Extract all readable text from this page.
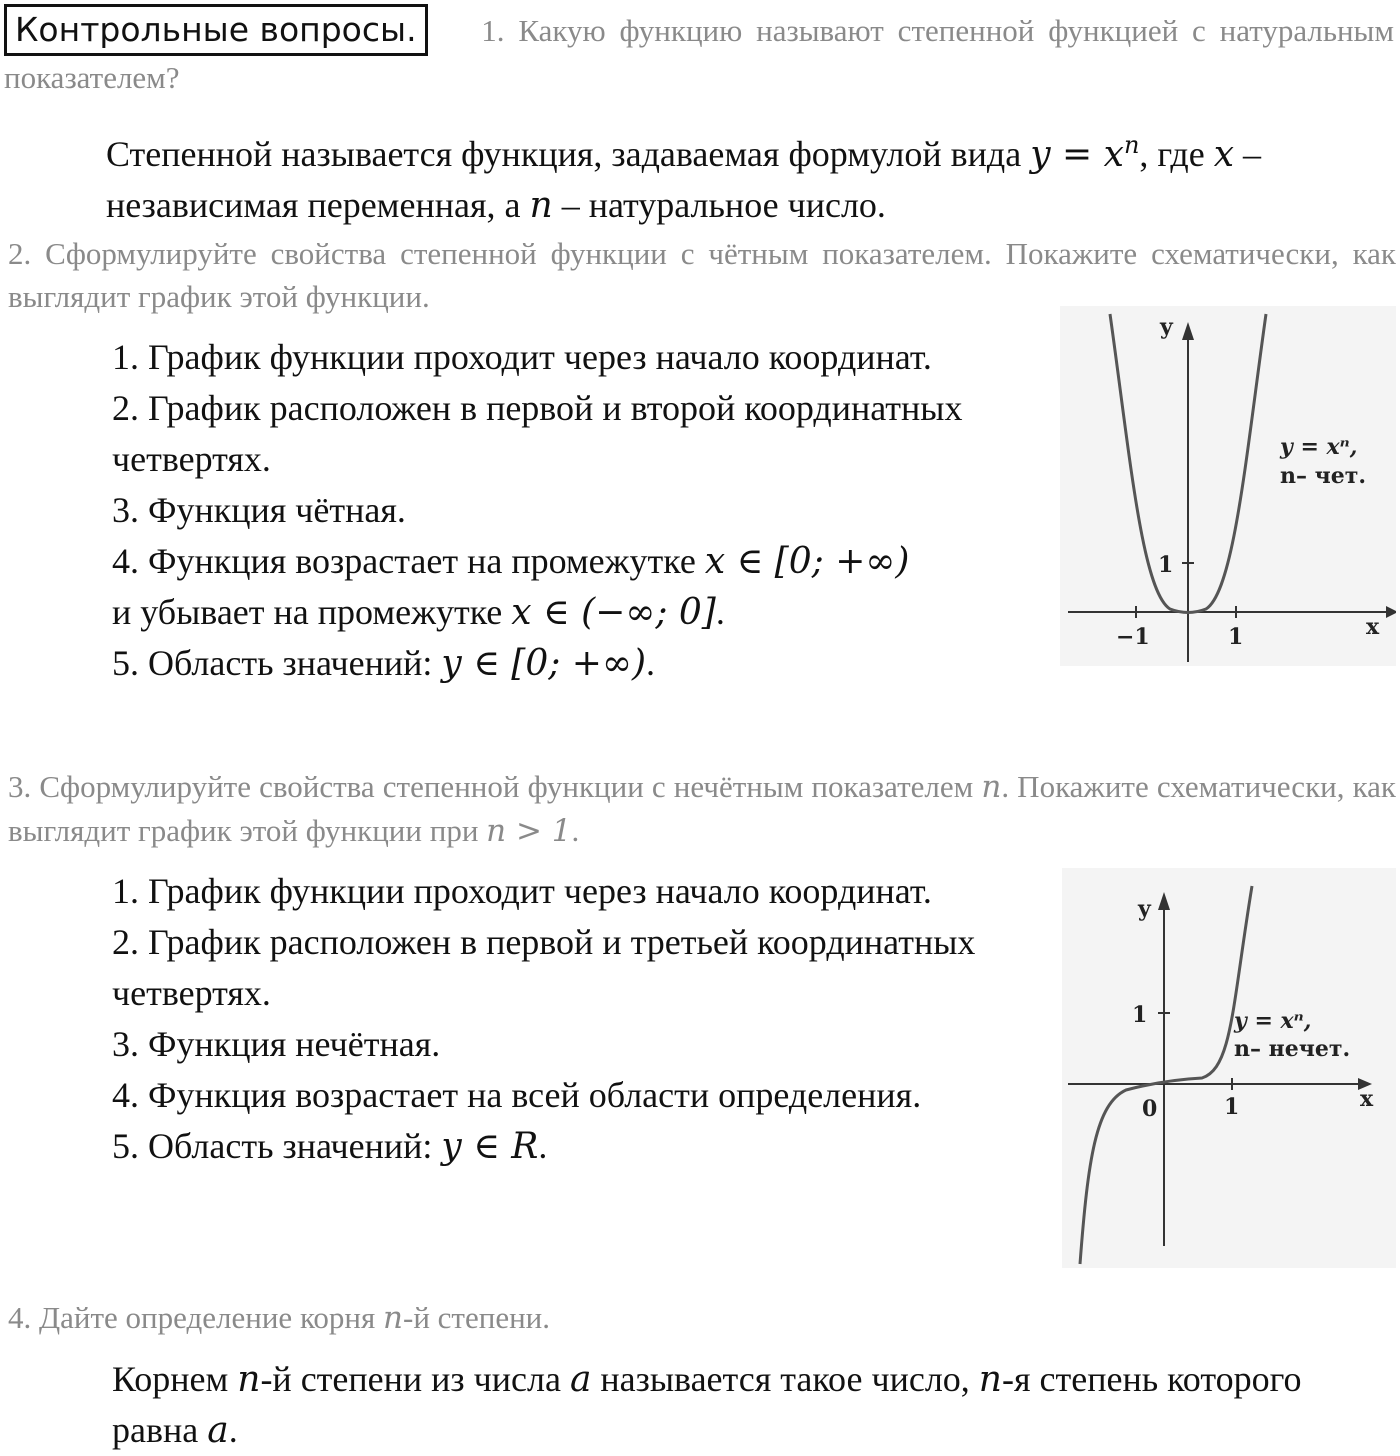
Контрольные вопросы. 1. Какую функцию называют степенной функцией с натуральным показателем?
Степенной называется функция, задаваемая формулой вида $y = x^n$, где x – независимая переменная, а n – натуральное число.
2. Сформулируйте свойства степенной функции с чётным показателем. Покажите схематически, как выглядит график этой функции.
1. График функции проходит через начало координат.
2. График расположен в первой и второй координатных четвертях.
3. Функция чётная.
4. Функция возрастает на промежутке x ∈ [0; +∞)
и убывает на промежутке x ∈ (−∞; 0].
5. Область значений: y ∈ [0; +∞).
y
x
−1	1
1
y = xⁿ,
n– чет.
3. Сформулируйте свойства степенной функции с нечётным показателем n. Покажите схематически, как выглядит график этой функции при n > 1.
1. График функции проходит через начало координат.
2. График расположен в первой и третьей координатных четвертях.
3. Функция нечётная.
4. Функция возрастает на всей области определения.
5. Область значений: y ∈ R.
y
x
0	1
1	y = xⁿ,
n– нечет.
4. Дайте определение корня n-й степени.
Корнем n-й степени из числа a называется такое число, n-я степень которого равна a.
